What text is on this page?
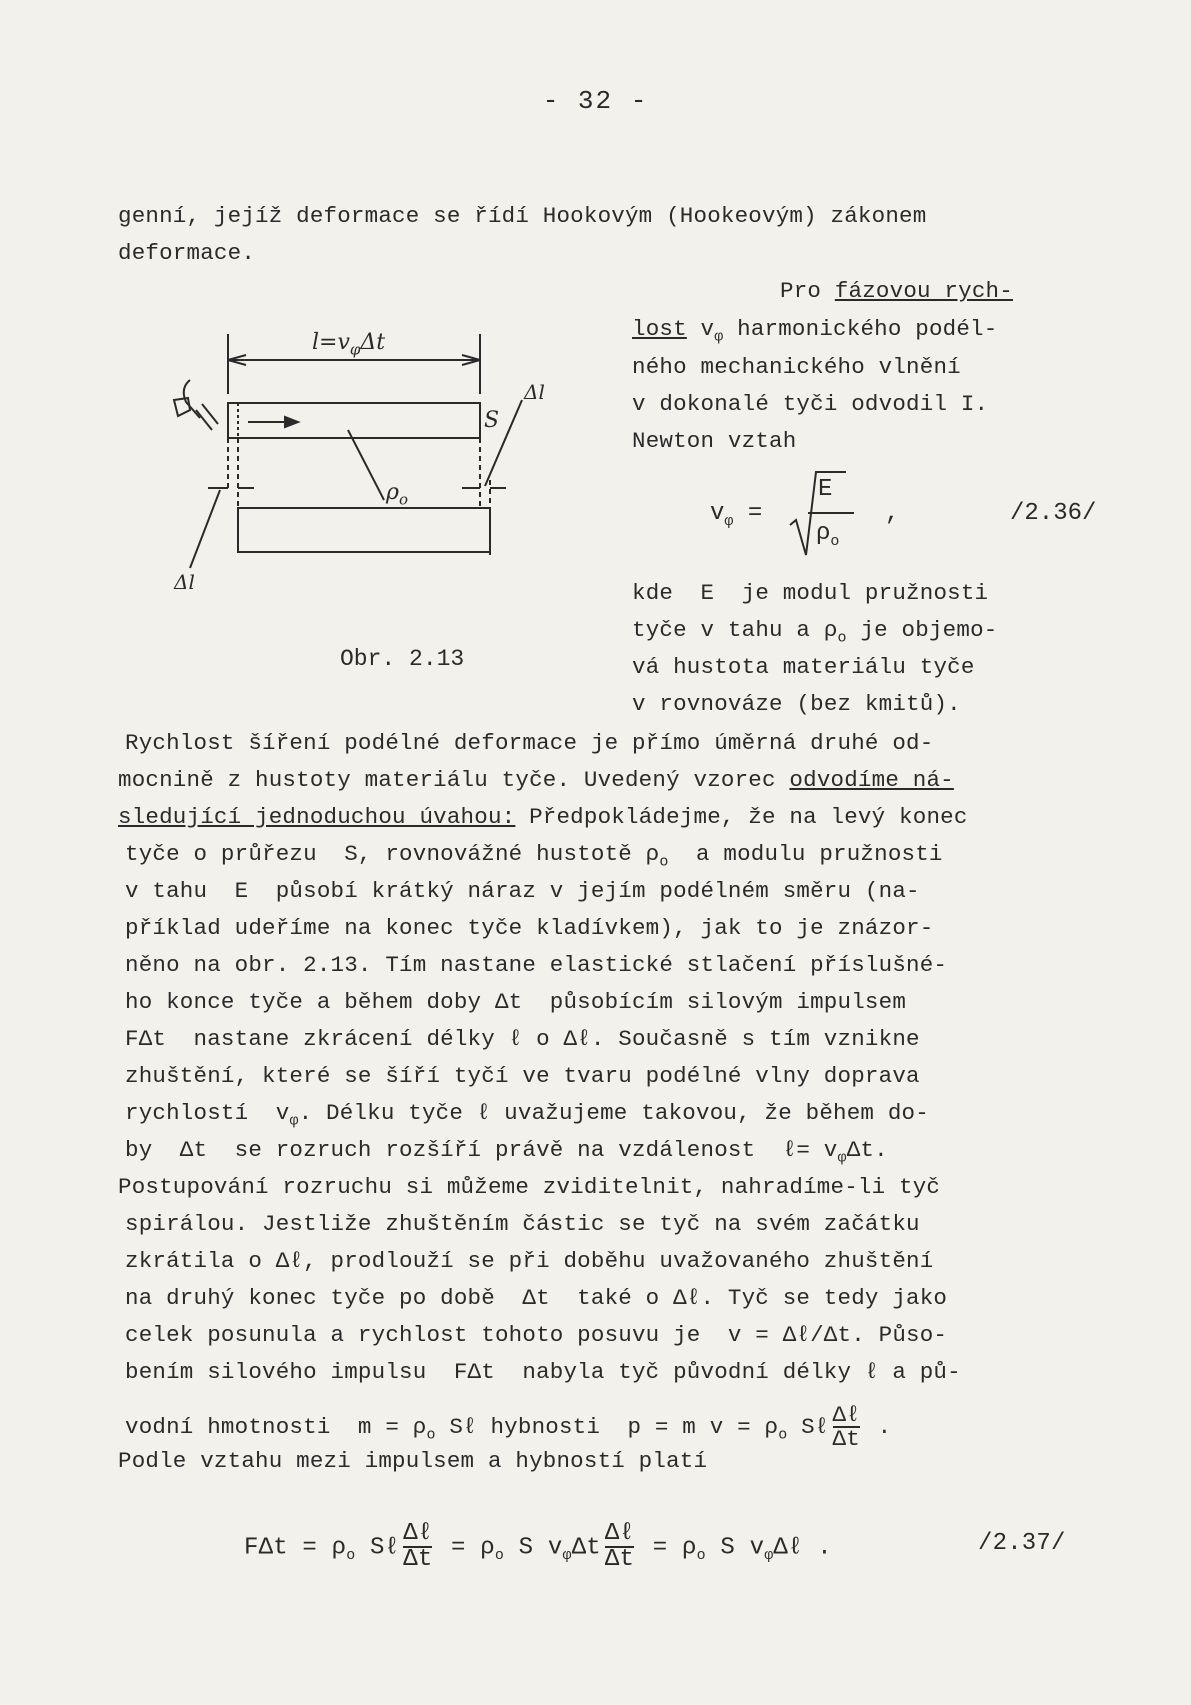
- 32 -
genní, jejíž deformace se řídí Hookovým (Hookeovým) zákonem
deformace.
Pro fázovou rych-
lost $v_\varphi$ harmonického podél-
ného mechanického vlnění
v dokonalé tyči odvodil I.
Newton vztah
$v_\varphi$ =
E
$\rho_o$
,	/2.36/
kde  E  je modul pružnosti
tyče v tahu a $\rho_o$ je objemo-
vá hustota materiálu tyče
v rovnováze (bez kmitů).
$l=v_\varphi\Delta t$
S
$\rho_o$
Δl
Δl
Obr. 2.13
Rychlost šíření podélné deformace je přímo úměrná druhé od-
mocnině z hustoty materiálu tyče. Uvedený vzorec odvodíme ná-
sledující jednoduchou úvahou: Předpokládejme, že na levý konec
tyče o průřezu  S, rovnovážné hustotě $\rho_o$  a modulu pružnosti
v tahu  E  působí krátký náraz v jejím podélném směru (na-
příklad udeříme na konec tyče kladívkem), jak to je znázor-
něno na obr. 2.13. Tím nastane elastické stlačení příslušné-
ho konce tyče a během doby Δt  působícím silovým impulsem
FΔt  nastane zkrácení délky ℓ o Δℓ. Současně s tím vznikne
zhuštění, které se šíří tyčí ve tvaru podélné vlny doprava
rychlostí  $v_\varphi$. Délku tyče ℓ uvažujeme takovou, že během do-
by  Δt  se rozruch rozšíří právě na vzdálenost  ℓ= $v_\varphi\Delta t$.
Postupování rozruchu si můžeme zviditelnit, nahradíme-li tyč
spirálou. Jestliže zhuštěním částic se tyč na svém začátku
zkrátila o Δℓ, prodlouží se při doběhu uvažovaného zhuštění
na druhý konec tyče po době  Δt  také o Δℓ. Tyč se tedy jako
celek posunula a rychlost tohoto posuvu je  v = Δℓ/Δt. Půso-
bením silového impulsu  FΔt  nabyla tyč původní délky ℓ a pů-
vodní hmotnosti  $m = \rho_o$ Sℓ hybnosti  p = m $v = \rho_o$ Sℓ Δℓ
Δt .
Podle vztahu mezi impulsem a hybností platí
$F\Delta t = \rho_o$ Sℓ
Δℓ
$\Delta t = \rho_o$ S $v_\varphi\Delta t$
Δℓ
$\Delta t = \rho_o$ S $v_\varphi\Delta\ell$ .	/2.37/
